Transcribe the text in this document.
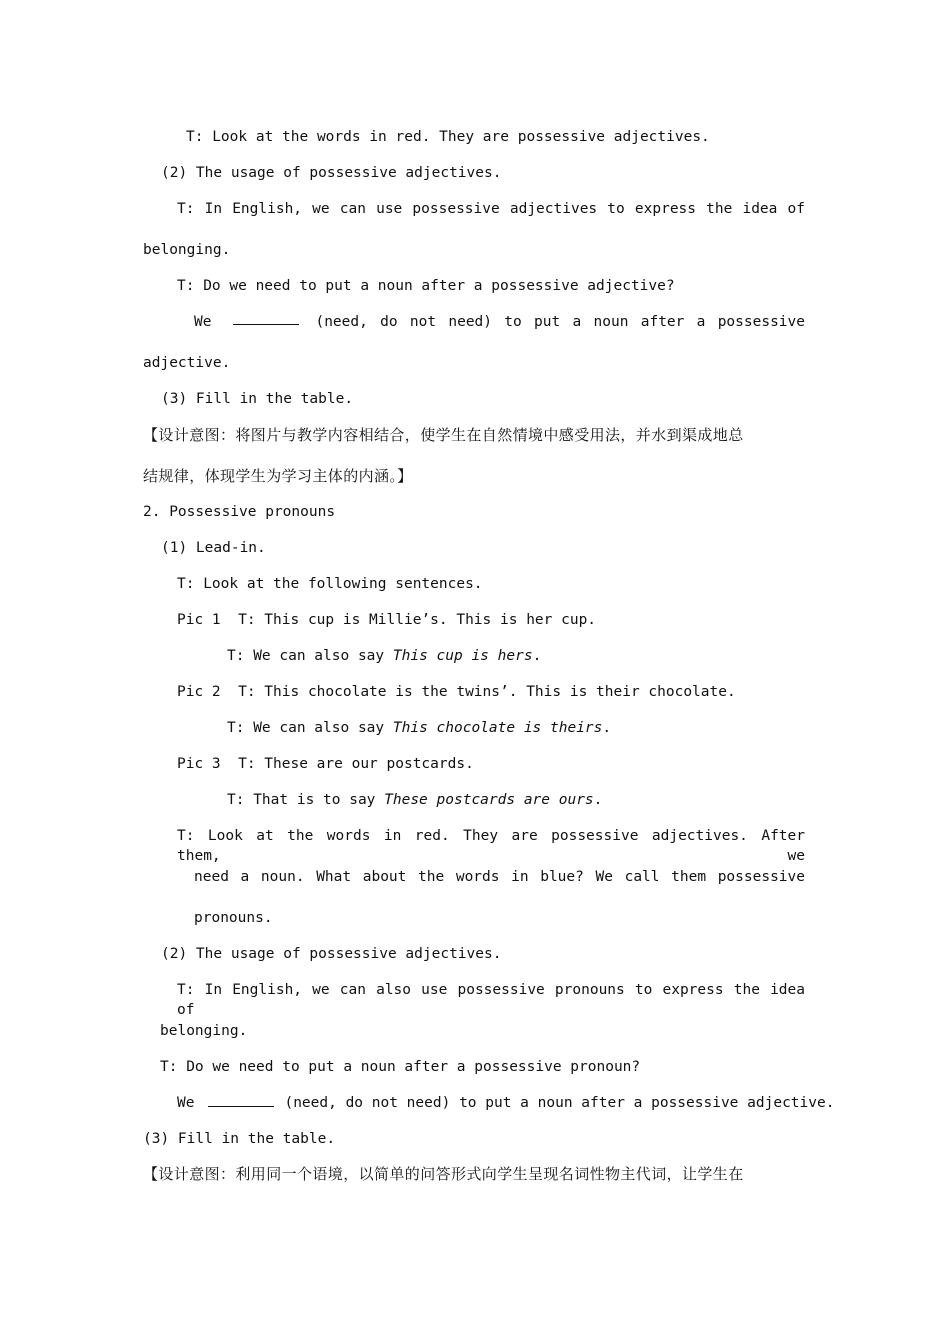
T: Look at the words in red. They are possessive adjectives.
(2) The usage of possessive adjectives.
T: In English, we can use possessive adjectives to express the idea of
belonging.
T: Do we need to put a noun after a possessive adjective?
We	(need, do not need) to put a noun after a possessive
adjective.
(3) Fill in the table.
【设计意图：将图片与教学内容相结合，使学生在自然情境中感受用法，并水到渠成地总
结规律，体现学生为学习主体的内涵。】
2. Possessive pronouns
(1) Lead-in.
T: Look at the following sentences.
Pic 1  T: This cup is Millie’s. This is her cup.
T: We can also say This cup is hers.
Pic 2  T: This chocolate is the twins’. This is their chocolate.
T: We can also say This chocolate is theirs.
Pic 3  T: These are our postcards.
T: That is to say These postcards are ours.
T: Look at the words in red. They are possessive adjectives. After them, we
need a noun. What about the words in blue? We call them possessive
pronouns.
(2) The usage of possessive adjectives.
T: In English, we can also use possessive pronouns to express the idea of
belonging.
T: Do we need to put a noun after a possessive pronoun?
We	(need, do not need) to put a noun after a possessive adjective.
(3) Fill in the table.
【设计意图：利用同一个语境，以简单的问答形式向学生呈现名词性物主代词，让学生在
